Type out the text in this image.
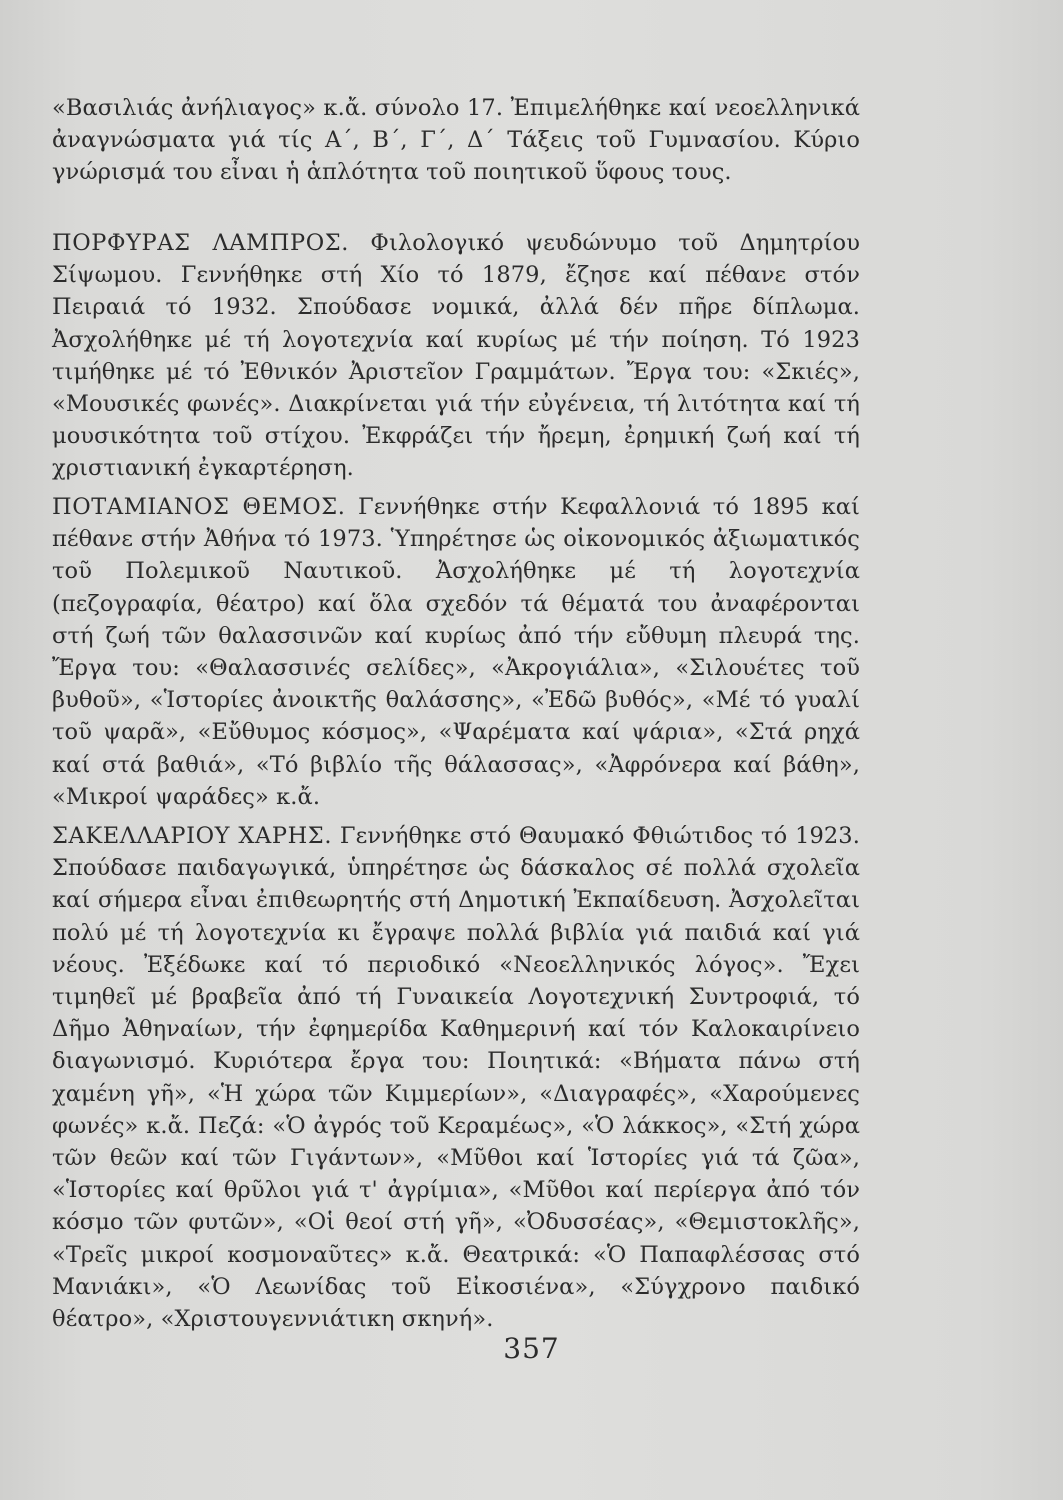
«Βασιλιάς ἀνήλιαγος» κ.ἄ. σύνολο 17. Ἐπιμελήθηκε καί νεοελληνικά ἀναγνώσματα γιά τίς Α΄, Β΄, Γ΄, Δ΄ Τάξεις τοῦ Γυμνασίου. Κύριο γνώρισμά του εἶναι ἡ ἁπλότητα τοῦ ποιητικοῦ ὕφους τους.

ΠΟΡΦΥΡΑΣ ΛΑΜΠΡΟΣ. Φιλολογικό ψευδώνυμο τοῦ Δημητρίου Σίψωμου. Γεννήθηκε στή Χίο τό 1879, ἔζησε καί πέθανε στόν Πειραιά τό 1932. Σπούδασε νομικά, ἀλλά δέν πῆρε δίπλωμα. Ἀσχολήθηκε μέ τή λογοτεχνία καί κυρίως μέ τήν ποίηση. Τό 1923 τιμήθηκε μέ τό Ἐθνικόν Ἀριστεῖον Γραμμάτων. Ἔργα του: «Σκιές», «Μουσικές φωνές». Διακρίνεται γιά τήν εὐγένεια, τή λιτότητα καί τή μουσικότητα τοῦ στίχου. Ἐκφράζει τήν ἤρεμη, ἐρημική ζωή καί τή χριστιανική ἐγκαρτέρηση.

ΠΟΤΑΜΙΑΝΟΣ ΘΕΜΟΣ. Γεννήθηκε στήν Κεφαλλονιά τό 1895 καί πέθανε στήν Ἀθήνα τό 1973. Ὑπηρέτησε ὡς οἰκονομικός ἀξιωματικός τοῦ Πολεμικοῦ Ναυτικοῦ. Ἀσχολήθηκε μέ τή λογοτεχνία (πεζογραφία, θέατρο) καί ὅλα σχεδόν τά θέματά του ἀναφέρονται στή ζωή τῶν θαλασσινῶν καί κυρίως ἀπό τήν εὔθυμη πλευρά της. Ἔργα του: «Θαλασσινές σελίδες», «Ἀκρογιάλια», «Σιλουέτες τοῦ βυθοῦ», «Ἱστορίες ἀνοικτῆς θαλάσσης», «Ἐδῶ βυθός», «Μέ τό γυαλί τοῦ ψαρᾶ», «Εὔθυμος κόσμος», «Ψαρέματα καί ψάρια», «Στά ρηχά καί στά βαθιά», «Τό βιβλίο τῆς θάλασσας», «Ἀφρόνερα καί βάθη», «Μικροί ψαράδες» κ.ἄ.

ΣΑΚΕΛΛΑΡΙΟΥ ΧΑΡΗΣ. Γεννήθηκε στό Θαυμακό Φθιώτιδος τό 1923. Σπούδασε παιδαγωγικά, ὑπηρέτησε ὡς δάσκαλος σέ πολλά σχολεῖα καί σήμερα εἶναι ἐπιθεωρητής στή Δημοτική Ἐκπαίδευση. Ἀσχολεῖται πολύ μέ τή λογοτεχνία κι ἔγραψε πολλά βιβλία γιά παιδιά καί γιά νέους. Ἐξέδωκε καί τό περιοδικό «Νεοελληνικός λόγος». Ἔχει τιμηθεῖ μέ βραβεῖα ἀπό τή Γυναικεία Λογοτεχνική Συντροφιά, τό Δῆμο Ἀθηναίων, τήν ἐφημερίδα Καθημερινή καί τόν Καλοκαιρίνειο διαγωνισμό. Κυριότερα ἔργα του: Ποιητικά: «Βήματα πάνω στή χαμένη γῆ», «Ἡ χώρα τῶν Κιμμερίων», «Διαγραφές», «Χαρούμενες φωνές» κ.ἄ. Πεζά: «Ὁ ἀγρός τοῦ Κεραμέως», «Ὁ λάκκος», «Στή χώρα τῶν θεῶν καί τῶν Γιγάντων», «Μῦθοι καί Ἱστορίες γιά τά ζῶα», «Ἱστορίες καί θρῦλοι γιά τ' ἀγρίμια», «Μῦθοι καί περίεργα ἀπό τόν κόσμο τῶν φυτῶν», «Οἱ θεοί στή γῆ», «Ὀδυσσέας», «Θεμιστοκλῆς», «Τρεῖς μικροί κοσμοναῦτες» κ.ἄ. Θεατρικά: «Ὁ Παπαφλέσσας στό Μανιάκι», «Ὁ Λεωνίδας τοῦ Εἰκοσιένα», «Σύγχρονο παιδικό θέατρο», «Χριστουγεννιάτικη σκηνή».

357
